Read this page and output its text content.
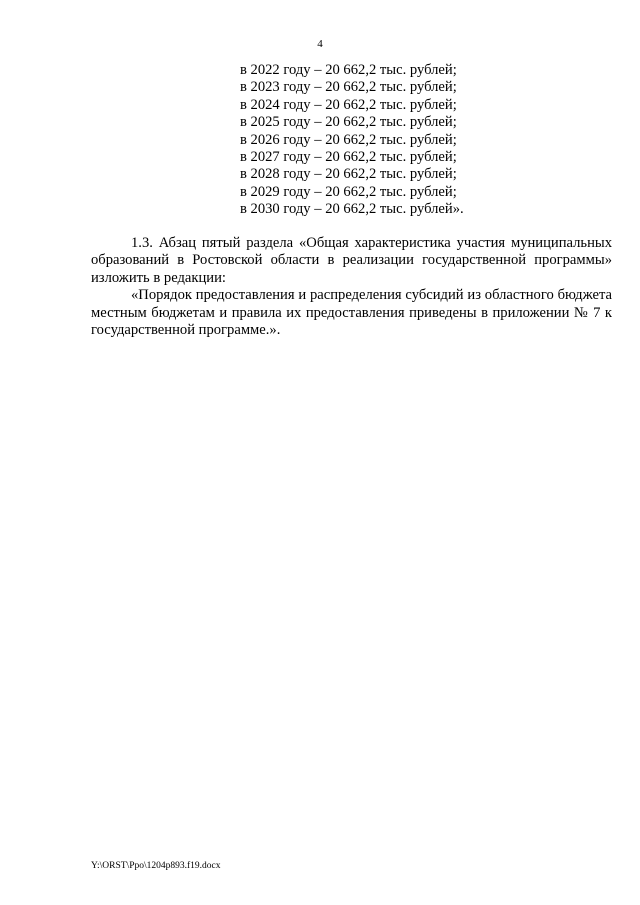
4
в 2022 году – 20 662,2 тыс. рублей;
в 2023 году – 20 662,2 тыс. рублей;
в 2024 году – 20 662,2 тыс. рублей;
в 2025 году – 20 662,2 тыс. рублей;
в 2026 году – 20 662,2 тыс. рублей;
в 2027 году – 20 662,2 тыс. рублей;
в 2028 году – 20 662,2 тыс. рублей;
в 2029 году – 20 662,2 тыс. рублей;
в 2030 году – 20 662,2 тыс. рублей».

1.3. Абзац пятый раздела «Общая характеристика участия муниципальных образований в Ростовской области в реализации государственной программы» изложить в редакции:

«Порядок предоставления и распределения субсидий из областного бюджета местным бюджетам и правила их предоставления приведены в приложении № 7 к государственной программе.».

Y:\ORST\Ppo\1204p893.f19.docx
